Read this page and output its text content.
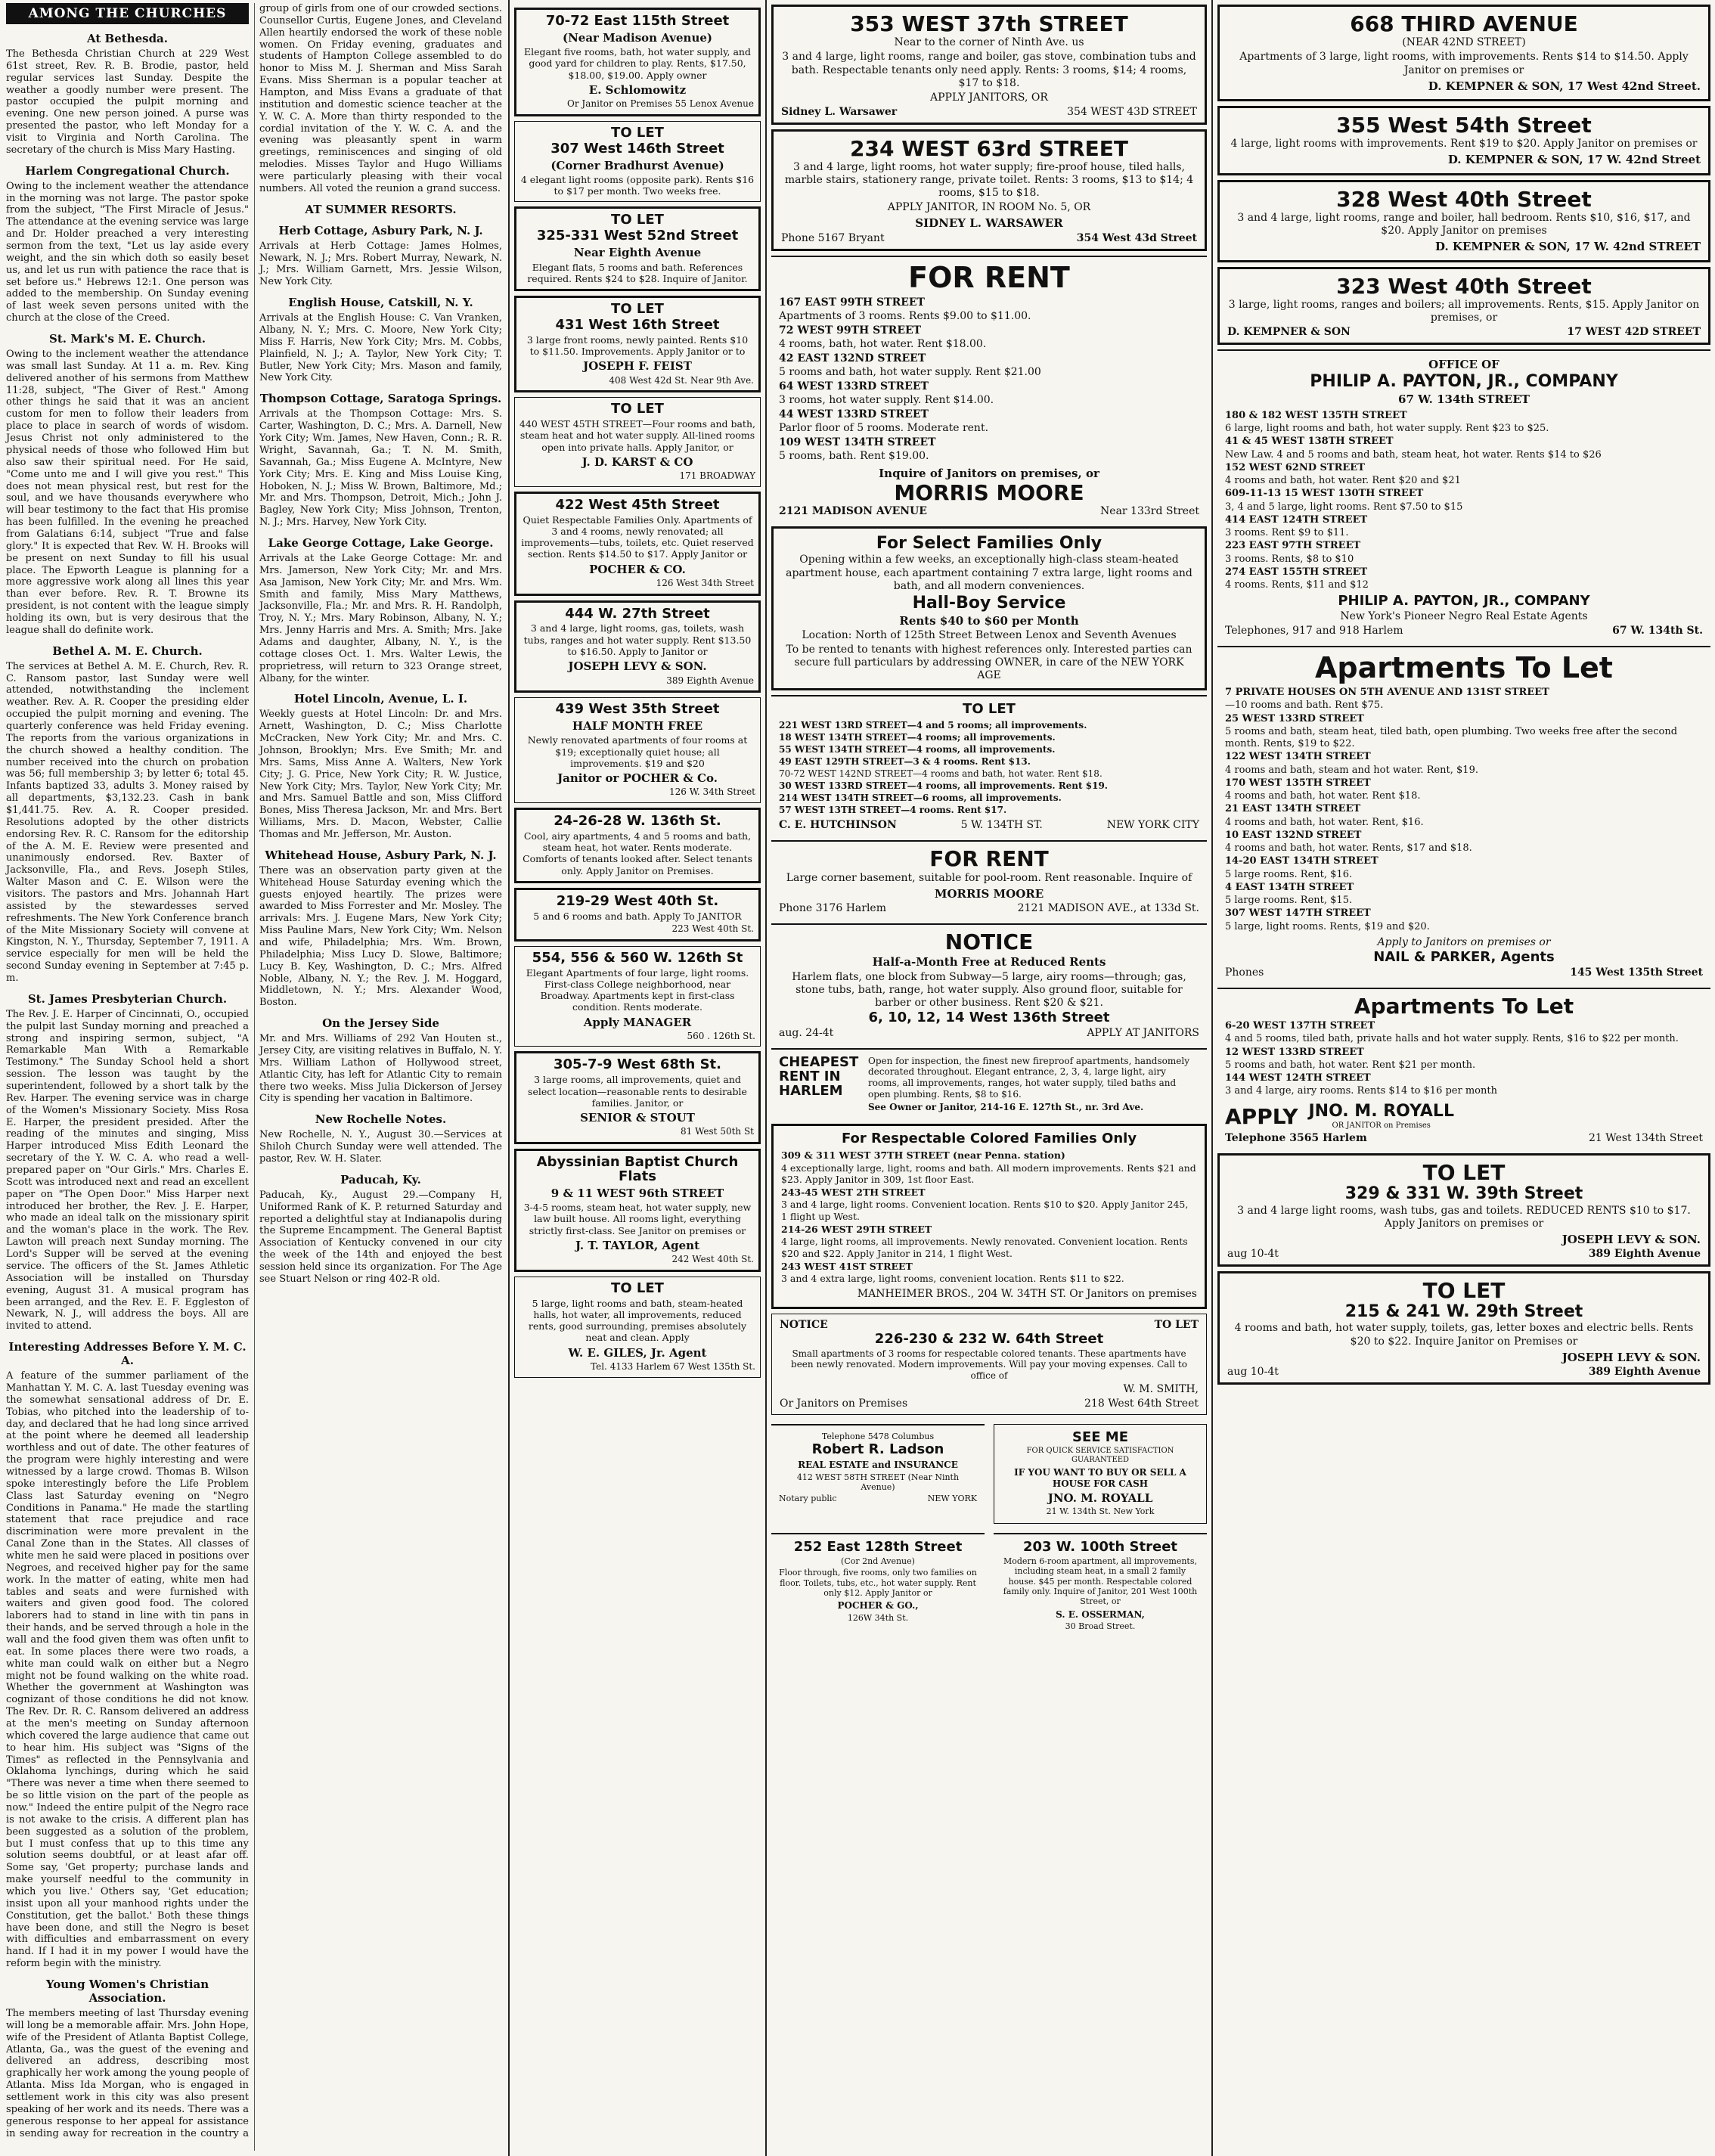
AMONG THE CHURCHES
At Bethesda.

The Bethesda Christian Church at 229 West 61st street, Rev. R. B. Brodie, pastor, held regular services last Sunday. Despite the weather a goodly number were present. The pastor occupied the pulpit morning and evening. One new person joined. A purse was presented the pastor, who left Monday for a visit to Virginia and North Carolina. The secretary of the church is Miss Mary Hasting.

Harlem Congregational Church.

Owing to the inclement weather the attendance in the morning was not large. The pastor spoke from the subject, "The First Miracle of Jesus." The attendance at the evening service was large and Dr. Holder preached a very interesting sermon from the text, "Let us lay aside every weight, and the sin which doth so easily beset us, and let us run with patience the race that is set before us." Hebrews 12:1. One person was added to the membership. On Sunday evening of last week seven persons united with the church at the close of the Creed.

St. Mark's M. E. Church.

Owing to the inclement weather the attendance was small last Sunday. At 11 a. m. Rev. King delivered another of his sermons from Matthew 11:28, subject, "The Giver of Rest." Among other things he said that it was an ancient custom for men to follow their leaders from place to place in search of words of wisdom. Jesus Christ not only administered to the physical needs of those who followed Him but also saw their spiritual need. For He said, "Come unto me and I will give you rest." This does not mean physical rest, but rest for the soul, and we have thousands everywhere who will bear testimony to the fact that His promise has been fulfilled. In the evening he preached from Galatians 6:14, subject "True and false glory." It is expected that Rev. W. H. Brooks will be present on next Sunday to fill his usual place. The Epworth League is planning for a more aggressive work along all lines this year than ever before. Rev. R. T. Browne its president, is not content with the league simply holding its own, but is very desirous that the league shall do definite work.

Bethel A. M. E. Church.

The services at Bethel A. M. E. Church, Rev. R. C. Ransom pastor, last Sunday were well attended, notwithstanding the inclement weather. Rev. A. R. Cooper the presiding elder occupied the pulpit morning and evening. The quarterly conference was held Friday evening. The reports from the various organizations in the church showed a healthy condition. The number received into the church on probation was 56; full membership 3; by letter 6; total 45. Infants baptized 33, adults 3. Money raised by all departments, $3,132.23. Cash in bank $1,441.75. Rev. A. R. Cooper presided. Resolutions adopted by the other districts endorsing Rev. R. C. Ransom for the editorship of the A. M. E. Review were presented and unanimously endorsed. Rev. Baxter of Jacksonville, Fla., and Revs. Joseph Stiles, Walter Mason and C. E. Wilson were the visitors. The pastors and Mrs. Johannah Hart assisted by the stewardesses served refreshments. The New York Conference branch of the Mite Missionary Society will convene at Kingston, N. Y., Thursday, September 7, 1911. A service especially for men will be held the second Sunday evening in September at 7:45 p. m.

St. James Presbyterian Church.

The Rev. J. E. Harper of Cincinnati, O., occupied the pulpit last Sunday morning and preached a strong and inspiring sermon, subject, "A Remarkable Man With a Remarkable Testimony." The Sunday School held a short session. The lesson was taught by the superintendent, followed by a short talk by the Rev. Harper. The evening service was in charge of the Women's Missionary Society. Miss Rosa E. Harper, the president presided. After the reading of the minutes and singing, Miss Harper introduced Miss Edith Leonard the secretary of the Y. W. C. A. who read a well-prepared paper on "Our Girls." Mrs. Charles E. Scott was introduced next and read an excellent paper on "The Open Door." Miss Harper next introduced her brother, the Rev. J. E. Harper, who made an ideal talk on the missionary spirit and the woman's place in the work. The Rev. Lawton will preach next Sunday morning. The Lord's Supper will be served at the evening service. The officers of the St. James Athletic Association will be installed on Thursday evening, August 31. A musical program has been arranged, and the Rev. E. F. Eggleston of Newark, N. J., will address the boys. All are invited to attend.

Interesting Addresses Before Y. M. C. A.

A feature of the summer parliament of the Manhattan Y. M. C. A. last Tuesday evening was the somewhat sensational address of Dr. E. Tobias, who pitched into the leadership of to-day, and declared that he had long since arrived at the point where he deemed all leadership worthless and out of date. The other features of the program were highly interesting and were witnessed by a large crowd. Thomas B. Wilson spoke interestingly before the Life Problem Class last Saturday evening on "Negro Conditions in Panama." He made the startling statement that race prejudice and race discrimination were more prevalent in the Canal Zone than in the States. All classes of white men he said were placed in positions over Negroes, and received higher pay for the same work. In the matter of eating, white men had tables and seats and were furnished with waiters and given good food. The colored laborers had to stand in line with tin pans in their hands, and be served through a hole in the wall and the food given them was often unfit to eat. In some places there were two roads, a white man could walk on either but a Negro might not be found walking on the white road. Whether the government at Washington was cognizant of those conditions he did not know. The Rev. Dr. R. C. Ransom delivered an address at the men's meeting on Sunday afternoon which covered the large audience that came out to hear him. His subject was "Signs of the Times" as reflected in the Pennsylvania and Oklahoma lynchings, during which he said "There was never a time when there seemed to be so little vision on the part of the people as now." Indeed the entire pulpit of the Negro race is not awake to the crisis. A different plan has been suggested as a solution of the problem, but I must confess that up to this time any solution seems doubtful, or at least afar off. Some say, 'Get property; purchase lands and make yourself needful to the community in which you live.' Others say, 'Get education; insist upon all your manhood rights under the Constitution, get the ballot.' Both these things have been done, and still the Negro is beset with difficulties and embarrassment on every hand. If I had it in my power I would have the reform begin with the ministry.

Young Women's Christian Association.

The members meeting of last Thursday evening will long be a memorable affair. Mrs. John Hope, wife of the President of Atlanta Baptist College, Atlanta, Ga., was the guest of the evening and delivered an address, describing most graphically her work among the young people of Atlanta. Miss Ida Morgan, who is engaged in settlement work in this city was also present speaking of her work and its needs. There was a generous response to her appeal for assistance in sending away for recreation in the country a group of girls from one of our crowded sections. Counsellor Curtis, Eugene Jones, and Cleveland Allen heartily endorsed the work of these noble women. On Friday evening, graduates and students of Hampton College assembled to do honor to Miss M. J. Sherman and Miss Sarah Evans. Miss Sherman is a popular teacher at Hampton, and Miss Evans a graduate of that institution and domestic science teacher at the Y. W. C. A. More than thirty responded to the cordial invitation of the Y. W. C. A. and the evening was pleasantly spent in warm greetings, reminiscences and singing of old melodies. Misses Taylor and Hugo Williams were particularly pleasing with their vocal numbers. All voted the reunion a grand success.

AT SUMMER RESORTS.
Herb Cottage, Asbury Park, N. J.

Arrivals at Herb Cottage: James Holmes, Newark, N. J.; Mrs. Robert Murray, Newark, N. J.; Mrs. William Garnett, Mrs. Jessie Wilson, New York City.

English House, Catskill, N. Y.

Arrivals at the English House: C. Van Vranken, Albany, N. Y.; Mrs. C. Moore, New York City; Miss F. Harris, New York City; Mrs. M. Cobbs, Plainfield, N. J.; A. Taylor, New York City; T. Butler, New York City; Mrs. Mason and family, New York City.

Thompson Cottage, Saratoga Springs.

Arrivals at the Thompson Cottage: Mrs. S. Carter, Washington, D. C.; Mrs. A. Darnell, New York City; Wm. James, New Haven, Conn.; R. R. Wright, Savannah, Ga.; T. N. M. Smith, Savannah, Ga.; Miss Eugene A. McIntyre, New York City; Mrs. E. King and Miss Louise King, Hoboken, N. J.; Miss W. Brown, Baltimore, Md.; Mr. and Mrs. Thompson, Detroit, Mich.; John J. Bagley, New York City; Miss Johnson, Trenton, N. J.; Mrs. Harvey, New York City.

Lake George Cottage, Lake George.

Arrivals at the Lake George Cottage: Mr. and Mrs. Jamerson, New York City; Mr. and Mrs. Asa Jamison, New York City; Mr. and Mrs. Wm. Smith and family, Miss Mary Matthews, Jacksonville, Fla.; Mr. and Mrs. R. H. Randolph, Troy, N. Y.; Mrs. Mary Robinson, Albany, N. Y.; Mrs. Jenny Harris and Mrs. A. Smith; Mrs. Jake Adams and daughter, Albany, N. Y., is the cottage closes Oct. 1. Mrs. Walter Lewis, the proprietress, will return to 323 Orange street, Albany, for the winter.

Hotel Lincoln, Avenue, L. I.

Weekly guests at Hotel Lincoln: Dr. and Mrs. Arnett, Washington, D. C.; Miss Charlotte McCracken, New York City; Mr. and Mrs. C. Johnson, Brooklyn; Mrs. Eve Smith; Mr. and Mrs. Sams, Miss Anne A. Walters, New York City; J. G. Price, New York City; R. W. Justice, New York City; Mrs. Taylor, New York City; Mr. and Mrs. Samuel Battle and son, Miss Clifford Bones, Miss Theresa Jackson, Mr. and Mrs. Bert Williams, Mrs. D. Macon, Webster, Callie Thomas and Mr. Jefferson, Mr. Auston.

Whitehead House, Asbury Park, N. J.

There was an observation party given at the Whitehead House Saturday evening which the guests enjoyed heartily. The prizes were awarded to Miss Forrester and Mr. Mosley. The arrivals: Mrs. J. Eugene Mars, New York City; Miss Pauline Mars, New York City; Wm. Nelson and wife, Philadelphia; Mrs. Wm. Brown, Philadelphia; Miss Lucy D. Slowe, Baltimore; Lucy B. Key, Washington, D. C.; Mrs. Alfred Noble, Albany, N. Y.; the Rev. J. M. Hoggard, Middletown, N. Y.; Mrs. Alexander Wood, Boston.

On the Jersey Side

Mr. and Mrs. Williams of 292 Van Houten st., Jersey City, are visiting relatives in Buffalo, N. Y. Mrs. William Lathon of Hollywood street, Atlantic City, has left for Atlantic City to remain there two weeks. Miss Julia Dickerson of Jersey City is spending her vacation in Baltimore.

New Rochelle Notes.

New Rochelle, N. Y., August 30.—Services at Shiloh Church Sunday were well attended. The pastor, Rev. W. H. Slater.

Paducah, Ky.

Paducah, Ky., August 29.—Company H, Uniformed Rank of K. P. returned Saturday and reported a delightful stay at Indianapolis during the Supreme Encampment. The General Baptist Association of Kentucky convened in our city the week of the 14th and enjoyed the best session held since its organization. For The Age see Stuart Nelson or ring 402-R old.

70-72 East 115th Street

(Near Madison Avenue)

Elegant five rooms, bath, hot water supply, and good yard for children to play. Rents, $17.50, $18.00, $19.00. Apply owner

E. Schlomowitz

Or Janitor on Premises 55 Lenox Avenue

TO LET
307 West 146th Street

(Corner Bradhurst Avenue)

4 elegant light rooms (opposite park). Rents $16 to $17 per month. Two weeks free.

TO LET
325-331 West 52nd Street

Near Eighth Avenue

Elegant flats, 5 rooms and bath. References required. Rents $24 to $28. Inquire of Janitor.

TO LET
431 West 16th Street

3 large front rooms, newly painted. Rents $10 to $11.50. Improvements. Apply Janitor or to

JOSEPH F. FEIST

408 West 42d St. Near 9th Ave.

TO LET

440 WEST 45TH STREET—Four rooms and bath, steam heat and hot water supply. All-lined rooms open into private halls. Apply Janitor, or

J. D. KARST & CO

171 BROADWAY

422 West 45th Street

Quiet Respectable Families Only. Apartments of 3 and 4 rooms, newly renovated; all improvements—tubs, toilets, etc. Quiet reserved section. Rents $14.50 to $17. Apply Janitor or

POCHER & CO.

126 West 34th Street

444 W. 27th Street

3 and 4 large, light rooms, gas, toilets, wash tubs, ranges and hot water supply. Rent $13.50 to $16.50. Apply to Janitor or

JOSEPH LEVY & SON.

389 Eighth Avenue

439 West 35th Street

HALF MONTH FREE

Newly renovated apartments of four rooms at $19; exceptionally quiet house; all improvements. $19 and $20

Janitor or POCHER & Co.

126 W. 34th Street

24-26-28 W. 136th St.

Cool, airy apartments, 4 and 5 rooms and bath, steam heat, hot water. Rents moderate. Comforts of tenants looked after. Select tenants only. Apply Janitor on Premises.

219-29 West 40th St.

5 and 6 rooms and bath. Apply To JANITOR

223 West 40th St.

554, 556 & 560 W. 126th St

Elegant Apartments of four large, light rooms. First-class College neighborhood, near Broadway. Apartments kept in first-class condition. Rents moderate.

Apply MANAGER

560 . 126th St.

305-7-9 West 68th St.

3 large rooms, all improvements, quiet and select location—reasonable rents to desirable families. Janitor, or

SENIOR & STOUT

81 West 50th St

Abyssinian Baptist Church Flats

9 & 11 WEST 96th STREET

3-4-5 rooms, steam heat, hot water supply, new law built house. All rooms light, everything strictly first-class. See Janitor on premises or

J. T. TAYLOR, Agent

242 West 40th St.

TO LET

5 large, light rooms and bath, steam-heated halls, hot water, all improvements, reduced rents, good surrounding, premises absolutely neat and clean. Apply

W. E. GILES, Jr. Agent

Tel. 4133 Harlem 67 West 135th St.

353 WEST 37th STREET

Near to the corner of Ninth Ave. us

3 and 4 large, light rooms, range and boiler, gas stove, combination tubs and bath. Respectable tenants only need apply. Rents: 3 rooms, $14; 4 rooms, $17 to $18.

APPLY JANITORS, OR

Sidney L. Warsawer	354 WEST 43D STREET
234 WEST 63rd STREET

3 and 4 large, light rooms, hot water supply; fire-proof house, tiled halls, marble stairs, stationery range, private toilet. Rents: 3 rooms, $13 to $14; 4 rooms, $15 to $18.

APPLY JANITOR, IN ROOM No. 5, OR

SIDNEY L. WARSAWER

Phone 5167 Bryant	354 West 43d Street
FOR RENT
167 EAST 99TH STREET
Apartments of 3 rooms. Rents $9.00 to $11.00.
72 WEST 99TH STREET
4 rooms, bath, hot water. Rent $18.00.
42 EAST 132ND STREET
5 rooms and bath, hot water supply. Rent $21.00
64 WEST 133RD STREET
3 rooms, hot water supply. Rent $14.00.
44 WEST 133RD STREET
Parlor floor of 5 rooms. Moderate rent.
109 WEST 134TH STREET
5 rooms, bath. Rent $19.00.

Inquire of Janitors on premises, or

MORRIS MOORE
2121 MADISON AVENUE	Near 133rd Street
For Select Families Only

Opening within a few weeks, an exceptionally high-class steam-heated apartment house, each apartment containing 7 extra large, light rooms and bath, and all modern conveniences.

Hall-Boy Service

Rents $40 to $60 per Month

Location: North of 125th Street Between Lenox and Seventh Avenues

To be rented to tenants with highest references only. Interested parties can secure full particulars by addressing OWNER, in care of the NEW YORK AGE

TO LET
221 WEST 13RD STREET—4 and 5 rooms; all improvements.
18 WEST 134TH STREET—4 rooms; all improvements.
55 WEST 134TH STREET—4 rooms, all improvements.
49 EAST 129TH STREET—3 & 4 rooms. Rent $13.
70-72 WEST 142ND STREET—4 rooms and bath, hot water. Rent $18.
30 WEST 133RD STREET—4 rooms, all improvements. Rent $19.
214 WEST 134TH STREET—6 rooms, all improvements.
57 WEST 13TH STREET—4 rooms. Rent $17.
C. E. HUTCHINSON	5 W. 134TH ST.	NEW YORK CITY
FOR RENT

Large corner basement, suitable for pool-room. Rent reasonable. Inquire of

MORRIS MOORE

Phone 3176 Harlem	2121 MADISON AVE., at 133d St.
NOTICE

Half-a-Month Free at Reduced Rents

Harlem flats, one block from Subway—5 large, airy rooms—through; gas, stone tubs, bath, range, hot water supply. Also ground floor, suitable for barber or other business. Rent $20 & $21.

6, 10, 12, 14 West 136th Street
aug. 24-4t	APPLY AT JANITORS
CHEAPEST RENT IN HARLEM

Open for inspection, the finest new fireproof apartments, handsomely decorated throughout. Elegant entrance, 2, 3, 4, large light, airy rooms, all improvements, ranges, hot water supply, tiled baths and open plumbing. Rents, $8 to $16.

See Owner or Janitor, 214-16 E. 127th St., nr. 3rd Ave.

For Respectable Colored Families Only
309 & 311 WEST 37TH STREET (near Penna. station)
4 exceptionally large, light, rooms and bath. All modern improvements. Rents $21 and $23. Apply Janitor in 309, 1st floor East.
243-45 WEST 2TH STREET
3 and 4 large, light rooms. Convenient location. Rents $10 to $20. Apply Janitor 245, 1 flight up West.
214-26 WEST 29TH STREET
4 large, light rooms, all improvements. Newly renovated. Convenient location. Rents $20 and $22. Apply Janitor in 214, 1 flight West.
243 WEST 41ST STREET
3 and 4 extra large, light rooms, convenient location. Rents $11 to $22.

MANHEIMER BROS., 204 W. 34TH ST. Or Janitors on premises

NOTICE	TO LET
226-230 & 232 W. 64th Street

Small apartments of 3 rooms for respectable colored tenants. These apartments have been newly renovated. Modern improvements. Will pay your moving expenses. Call to office of

W. M. SMITH,

Or Janitors on Premises	218 West 64th Street

Telephone 5478 Columbus

Robert R. Ladson

REAL ESTATE and INSURANCE

412 WEST 58TH STREET (Near Ninth Avenue)

Notary public	NEW YORK
SEE ME

FOR QUICK SERVICE SATISFACTION GUARANTEED

IF YOU WANT TO BUY OR SELL A HOUSE FOR CASH

JNO. M. ROYALL

21 W. 134th St. New York

252 East 128th Street

(Cor 2nd Avenue)

Floor through, five rooms, only two families on floor. Toilets, tubs, etc., hot water supply. Rent only $12. Apply Janitor or

POCHER & GO.,

126W 34th St.

203 W. 100th Street

Modern 6-room apartment, all improvements, including steam heat, in a small 2 family house. $45 per month. Respectable colored family only. Inquire of Janitor, 201 West 100th Street, or

S. E. OSSERMAN,

30 Broad Street.

668 THIRD AVENUE

(NEAR 42ND STREET)

Apartments of 3 large, light rooms, with improvements. Rents $14 to $14.50. Apply Janitor on premises or

D. KEMPNER & SON, 17 West 42nd Street.

355 West 54th Street

4 large, light rooms with improvements. Rent $19 to $20. Apply Janitor on premises or

D. KEMPNER & SON, 17 W. 42nd Street

328 West 40th Street

3 and 4 large, light rooms, range and boiler, hall bedroom. Rents $10, $16, $17, and $20. Apply Janitor on premises

D. KEMPNER & SON, 17 W. 42nd STREET

323 West 40th Street

3 large, light rooms, ranges and boilers; all improvements. Rents, $15. Apply Janitor on premises, or

D. KEMPNER & SON	17 WEST 42D STREET

OFFICE OF

PHILIP A. PAYTON, JR., COMPANY

67 W. 134th STREET

180 & 182 WEST 135TH STREET
6 large, light rooms and bath, hot water supply. Rent $23 to $25.
41 & 45 WEST 138TH STREET
New Law. 4 and 5 rooms and bath, steam heat, hot water. Rents $14 to $26
152 WEST 62ND STREET
4 rooms and bath, hot water. Rent $20 and $21
609-11-13 15 WEST 130TH STREET
3, 4 and 5 large, light rooms. Rent $7.50 to $15
414 EAST 124TH STREET
3 rooms. Rent $9 to $11.
223 EAST 97TH STREET
3 rooms. Rents, $8 to $10
274 EAST 155TH STREET
4 rooms. Rents, $11 and $12
PHILIP A. PAYTON, JR., COMPANY

New York's Pioneer Negro Real Estate Agents

Telephones, 917 and 918 Harlem	67 W. 134th St.
Apartments To Let
7 PRIVATE HOUSES ON 5TH AVENUE AND 131ST STREET
—10 rooms and bath. Rent $75.
25 WEST 133RD STREET
5 rooms and bath, steam heat, tiled bath, open plumbing. Two weeks free after the second month. Rents, $19 to $22.
122 WEST 134TH STREET
4 rooms and bath, steam and hot water. Rent, $19.
170 WEST 135TH STREET
4 rooms and bath, hot water. Rent $18.
21 EAST 134TH STREET
4 rooms and bath, hot water. Rent, $16.
10 EAST 132ND STREET
4 rooms and bath, hot water. Rents, $17 and $18.
14-20 EAST 134TH STREET
5 large rooms. Rent, $16.
4 EAST 134TH STREET
5 large rooms. Rent, $15.
307 WEST 147TH STREET
5 large, light rooms. Rents, $19 and $20.

Apply to Janitors on premises or

NAIL & PARKER, Agents
Phones	145 West 135th Street
Apartments To Let
6-20 WEST 137TH STREET
4 and 5 rooms, tiled bath, private halls and hot water supply. Rents, $16 to $22 per month.
12 WEST 133RD STREET
5 rooms and bath, hot water. Rent $21 per month.
144 WEST 124TH STREET
3 and 4 large, airy rooms. Rents $14 to $16 per month
APPLY JNO. M. ROYALL

OR JANITOR on Premises

Telephone 3565 Harlem	21 West 134th Street
TO LET
329 & 331 W. 39th Street

3 and 4 large light rooms, wash tubs, gas and toilets. REDUCED RENTS $10 to $17. Apply Janitors on premises or

JOSEPH LEVY & SON.

aug 10-4t	389 Eighth Avenue
TO LET
215 & 241 W. 29th Street

4 rooms and bath, hot water supply, toilets, gas, letter boxes and electric bells. Rents $20 to $22. Inquire Janitor on Premises or

JOSEPH LEVY & SON.

aug 10-4t	389 Eighth Avenue
